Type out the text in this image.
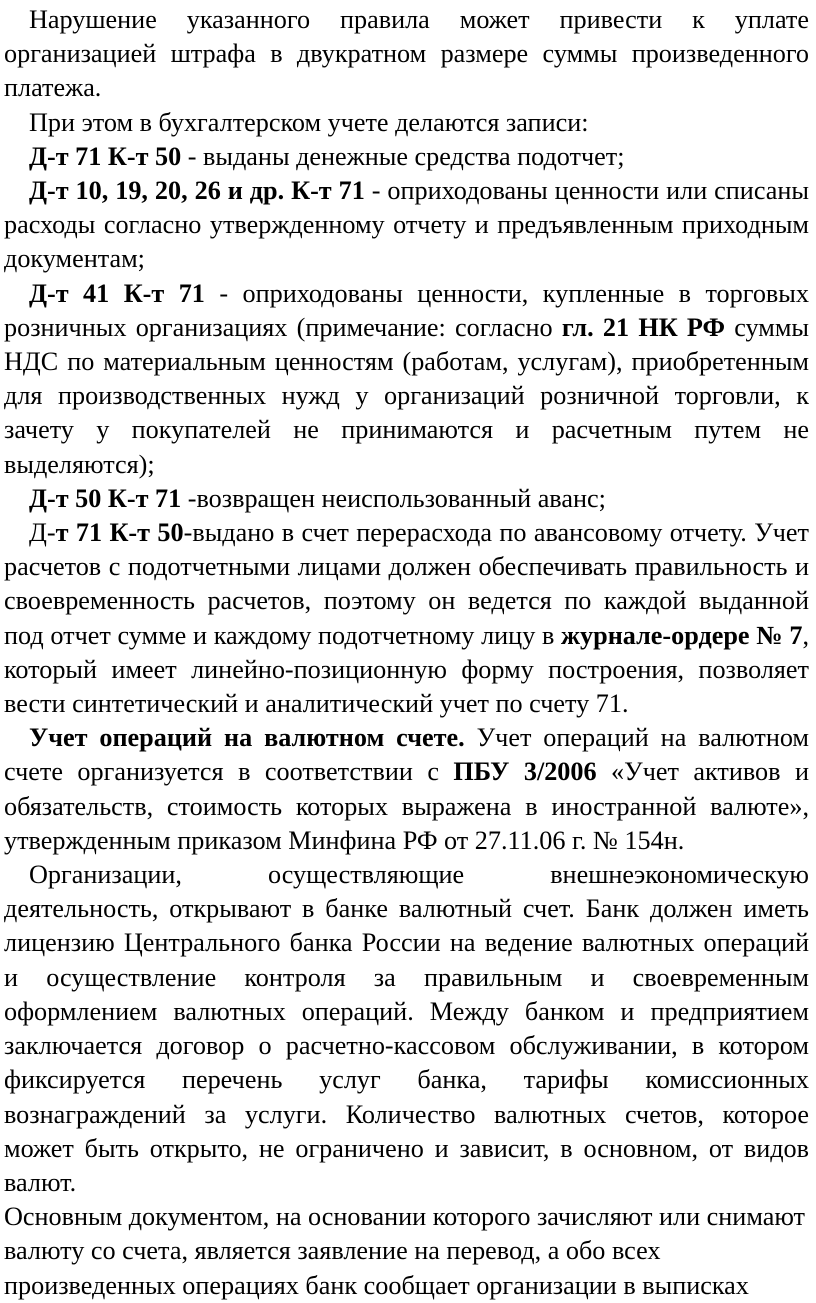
Нарушение указанного правила может привести к уплате организацией штрафа в двукратном размере суммы произведенного платежа.

При этом в бухгалтерском учете делаются записи:

Д-т 71 К-т 50 - выданы денежные средства подотчет;

Д-т 10, 19, 20, 26 и др. К-т 71 - оприходованы ценности или списаны расходы согласно утвержденному отчету и предъявленным приходным документам;

Д-т 41 К-т 71 - оприходованы ценности, купленные в торговых розничных организациях (примечание: согласно гл. 21 НК РФ суммы НДС по материальным ценностям (работам, услугам), приобретенным для производственных нужд у организаций розничной торговли, к зачету у покупателей не принимаются и расчетным путем не выделяются);

Д-т 50 К-т 71 -возвращен неиспользованный аванс;

Д-т 71 К-т 50-выдано в счет перерасхода по авансовому отчету. Учет расчетов с подотчетными лицами должен обеспечивать правильность и своевременность расчетов, поэтому он ведется по каждой выданной под отчет сумме и каждому подотчетному лицу в журнале-ордере № 7, который имеет линейно-позиционную форму построения, позволяет вести синтетический и аналитический учет по счету 71.

Учет операций на валютном счете. Учет операций на валютном счете организуется в соответствии с ПБУ 3/2006 «Учет активов и обязательств, стоимость которых выражена в иностранной валюте», утвержденным приказом Минфина РФ от 27.11.06 г. № 154н.

Организации, осуществляющие внешнеэкономическую деятельность, открывают в банке валютный счет. Банк должен иметь лицензию Центрального банка России на ведение валютных операций и осуществление контроля за правильным и своевременным оформлением валютных операций. Между банком и предприятием заключается договор о расчетно-кассовом обслуживании, в котором фиксируется перечень услуг банка, тарифы комиссионных вознаграждений за услуги. Количество валютных счетов, которое может быть открыто, не ограничено и зависит, в основном, от видов валют.

Основным документом, на основании которого зачисляют или снимают валюту со счета, является заявление на перевод, а обо всех произведенных операциях банк сообщает организации в выписках
